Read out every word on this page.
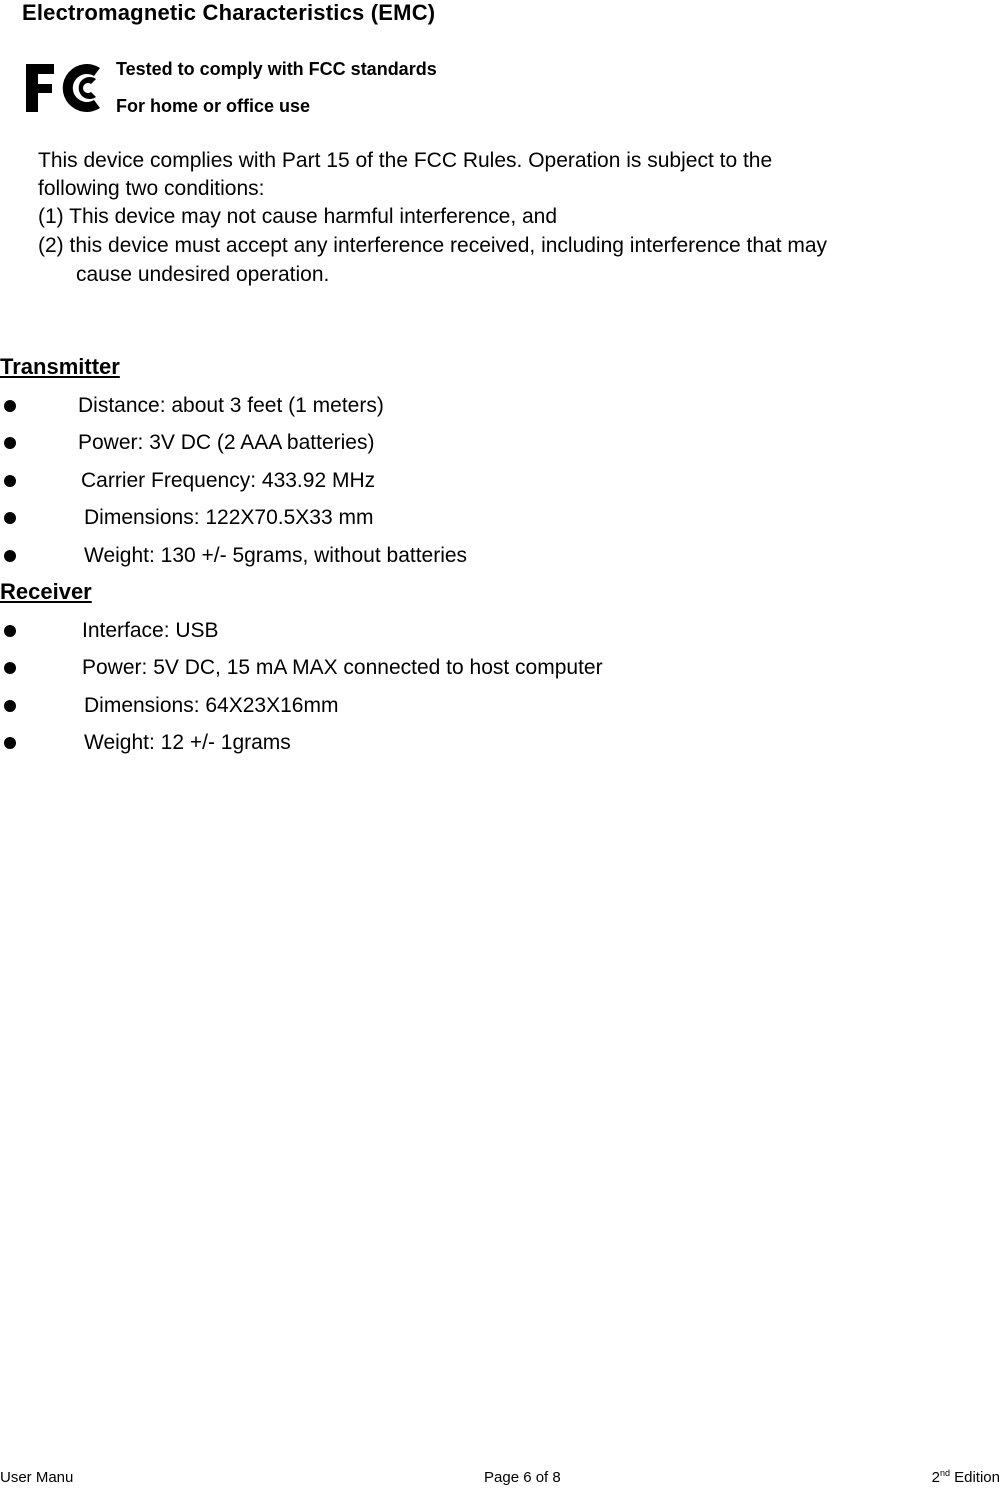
Electromagnetic Characteristics (EMC)
Tested to comply with FCC standards
For home or office use
This device complies with Part 15 of the FCC Rules. Operation is subject to the
following two conditions:
(1) This device may not cause harmful interference, and
(2) this device must accept any interference received, including interference that may
cause undesired operation.
Transmitter
Distance: about 3 feet (1 meters)
Power: 3V DC (2 AAA batteries)
Carrier Frequency: 433.92 MHz
Dimensions: 122X70.5X33 mm
Weight: 130 +/- 5grams, without batteries
Receiver
Interface: USB
Power: 5V DC, 15 mA MAX connected to host computer
Dimensions: 64X23X16mm
Weight: 12 +/- 1grams
User Manu	Page 6 of 8	2nd Edition
